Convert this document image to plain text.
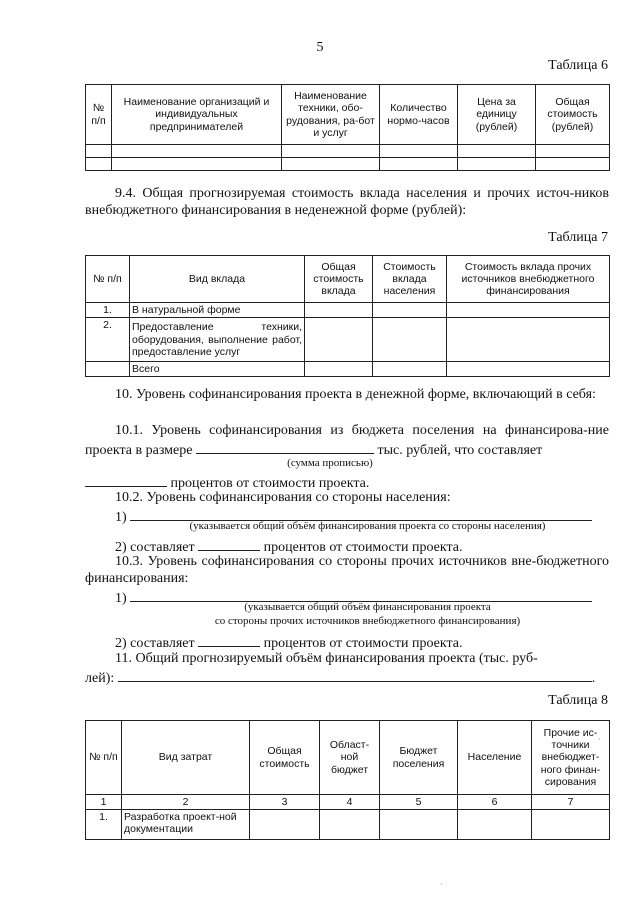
5
Таблица 6
№ п/п	Наименование организаций и индивидуальных предпринимателей	Наименование техники, обо-рудования, ра-бот и услуг	Количество нормо-часов	Цена за единицу (рублей)	Общая стоимость (рублей)

9.4. Общая прогнозируемая стоимость вклада населения и прочих источ-ников внебюджетного финансирования в неденежной форме (рублей):
Таблица 7
№ п/п	Вид вклада	Общая стоимость вклада	Стоимость вклада населения	Стоимость вклада прочих источников внебюджетного финансирования
1.	В натуральной форме			
2.	Предоставление техники, оборудования, выполнение работ, предоставление услуг			
	Всего			
10. Уровень софинансирования проекта в денежной форме, включающий в себя:
10.1. Уровень софинансирования из бюджета поселения на финансирова-ние проекта в размере	тыс. рублей, что составляет
(сумма прописью)
процентов от стоимости проекта.
10.2. Уровень софинансирования со стороны населения:
1)
(указывается общий объём финансирования проекта со стороны населения)
2) составляет	процентов от стоимости проекта.
10.3. Уровень софинансирования со стороны прочих источников вне-бюджетного финансирования:
1)
(указывается общий объём финансирования проекта
со стороны прочих источников внебюджетного финансирования)
2) составляет	процентов от стоимости проекта.
11. Общий прогнозируемый объём финансирования проекта (тыс. руб-
лей):	.
Таблица 8
№ п/п	Вид затрат	Общая стоимость	Област-ной бюджет	Бюджет поселения	Население	Прочие ис-точники внебюджет-ного финан-сирования
1	2	3	4	5	6	7
1.	Разработка проект-ной документации					
·
·
